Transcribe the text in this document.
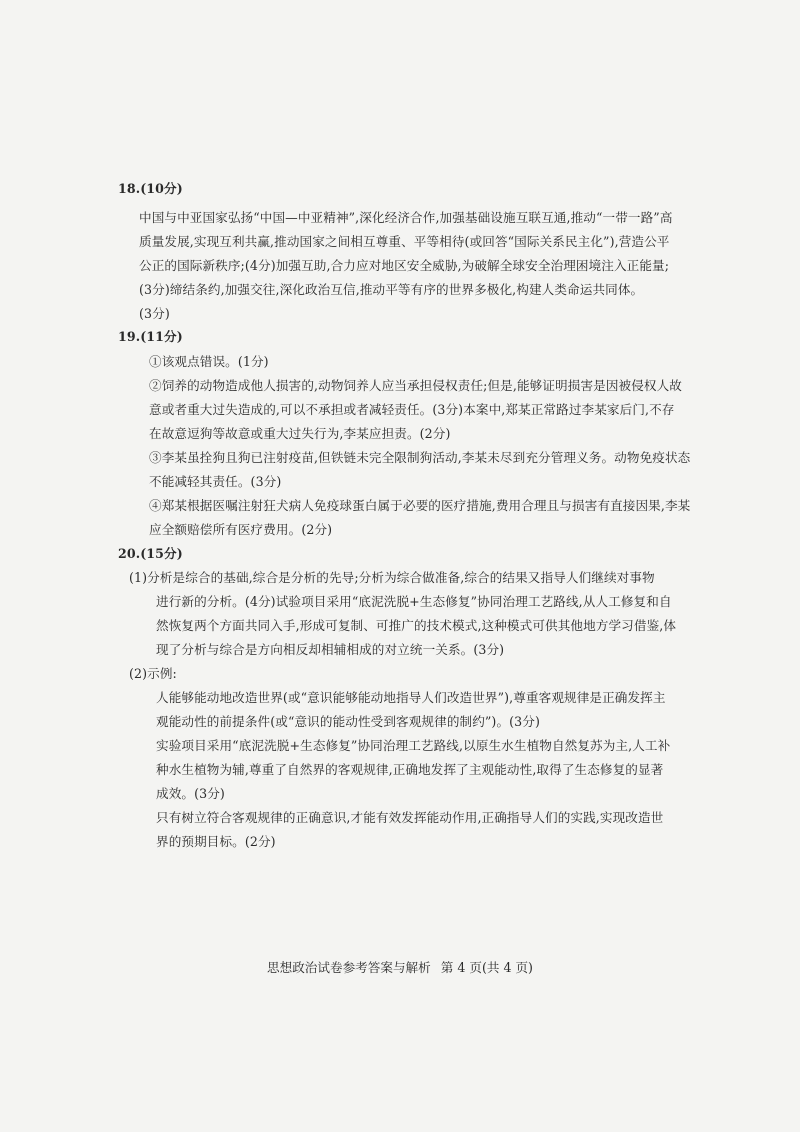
18.(10分)
中国与中亚国家弘扬“中国—中亚精神”,深化经济合作,加强基础设施互联互通,推动“一带一路”高
质量发展,实现互利共赢,推动国家之间相互尊重、平等相待(或回答“国际关系民主化”),营造公平
公正的国际新秩序;(4分)加强互助,合力应对地区安全威胁,为破解全球安全治理困境注入正能量;
(3分)缔结条约,加强交往,深化政治互信,推动平等有序的世界多极化,构建人类命运共同体。
(3分)
19.(11分)
①该观点错误。(1分)
②饲养的动物造成他人损害的,动物饲养人应当承担侵权责任;但是,能够证明损害是因被侵权人故
意或者重大过失造成的,可以不承担或者减轻责任。(3分)本案中,郑某正常路过李某家后门,不存
在故意逗狗等故意或重大过失行为,李某应担责。(2分)
③李某虽拴狗且狗已注射疫苗,但铁链未完全限制狗活动,李某未尽到充分管理义务。动物免疫状态
不能减轻其责任。(3分)
④郑某根据医嘱注射狂犬病人免疫球蛋白属于必要的医疗措施,费用合理且与损害有直接因果,李某
应全额赔偿所有医疗费用。(2分)
20.(15分)
(1)分析是综合的基础,综合是分析的先导;分析为综合做准备,综合的结果又指导人们继续对事物
进行新的分析。(4分)试验项目采用“底泥洗脱+生态修复”协同治理工艺路线,从人工修复和自
然恢复两个方面共同入手,形成可复制、可推广的技术模式,这种模式可供其他地方学习借鉴,体
现了分析与综合是方向相反却相辅相成的对立统一关系。(3分)
(2)示例:
人能够能动地改造世界(或“意识能够能动地指导人们改造世界”),尊重客观规律是正确发挥主
观能动性的前提条件(或“意识的能动性受到客观规律的制约”)。(3分)
实验项目采用“底泥洗脱+生态修复”协同治理工艺路线,以原生水生植物自然复苏为主,人工补
种水生植物为辅,尊重了自然界的客观规律,正确地发挥了主观能动性,取得了生态修复的显著
成效。(3分)
只有树立符合客观规律的正确意识,才能有效发挥能动作用,正确指导人们的实践,实现改造世
界的预期目标。(2分)
思想政治试卷参考答案与解析 第 4 页(共 4 页)
